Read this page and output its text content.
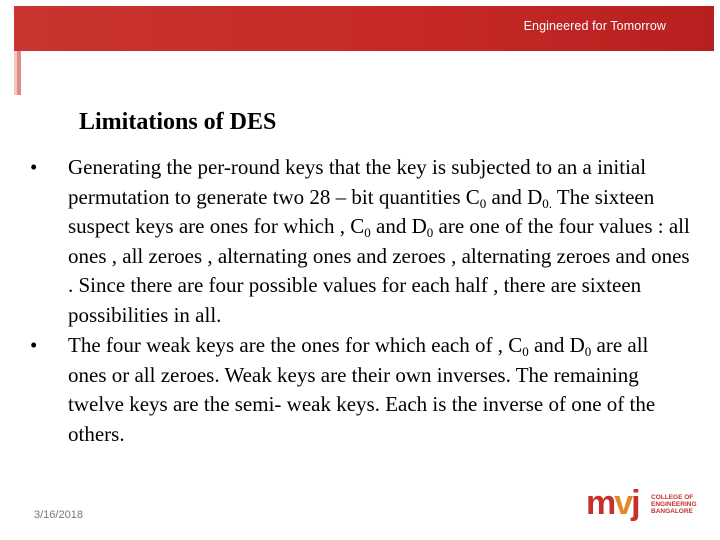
Engineered for Tomorrow
Limitations of DES
• Generating the per-round keys that the key is subjected to an a initial permutation to generate two 28 – bit quantities $C_0$ and $D_{0.}$ The sixteen suspect keys are ones for which , $C_0$ and $D_0$ are one of the four values : all ones , all zeroes , alternating ones and zeroes , alternating zeroes and ones . Since there are four possible values for each half , there are sixteen possibilities in all.
• The four weak keys are the ones for which each of , $C_0$ and $D_0$ are all ones or all zeroes. Weak keys are their own inverses. The remaining twelve keys are the semi- weak keys. Each is the inverse of one of the others.
3/16/2018	mvj COLLEGE OF
ENGINEERING
BANGALORE
